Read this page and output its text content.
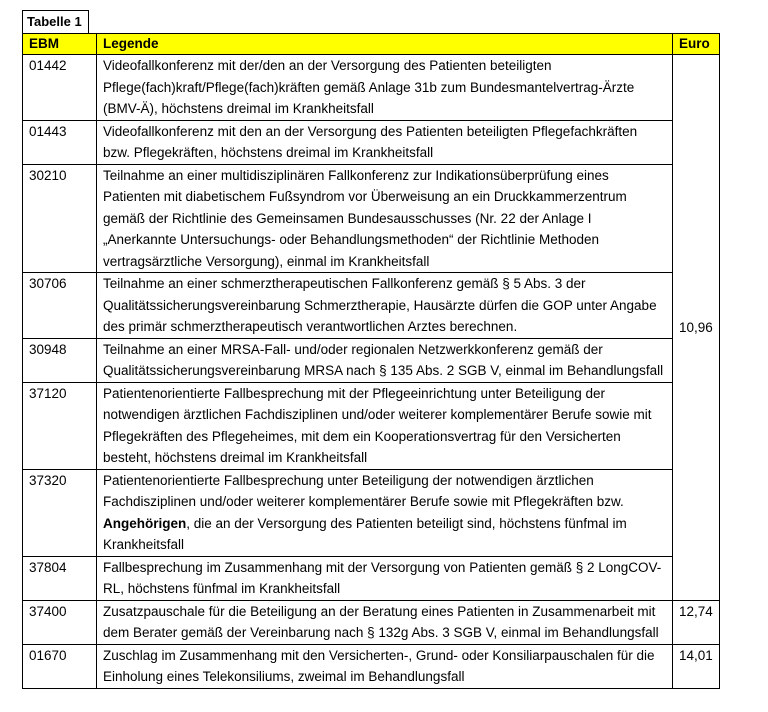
Tabelle 1
EBM	Legende	Euro
01442	Videofallkonferenz mit der/den an der Versorgung des Patienten beteiligten Pflege(fach)kraft/Pflege(fach)kräften gemäß Anlage 31b zum Bundesmantelvertrag-Ärzte (BMV-Ä), höchstens dreimal im Krankheitsfall	10,96
01443	Videofallkonferenz mit den an der Versorgung des Patienten beteiligten Pflegefachkräften bzw. Pflegekräften, höchstens dreimal im Krankheitsfall	
30210	Teilnahme an einer multidisziplinären Fallkonferenz zur Indikationsüberprüfung eines Patienten mit diabetischem Fußsyndrom vor Überweisung an ein Druckkammerzentrum gemäß der Richtlinie des Gemeinsamen Bundesausschusses (Nr. 22 der Anlage I „Anerkannte Untersuchungs- oder Behandlungsmethoden“ der Richtlinie Methoden vertragsärztliche Versorgung), einmal im Krankheitsfall	
30706	Teilnahme an einer schmerztherapeutischen Fallkonferenz gemäß § 5 Abs. 3 der Qualitätssicherungsvereinbarung Schmerztherapie, Hausärzte dürfen die GOP unter Angabe des primär schmerztherapeutisch verantwortlichen Arztes berechnen.	
30948	Teilnahme an einer MRSA-Fall- und/oder regionalen Netzwerkkonferenz gemäß der Qualitätssicherungsvereinbarung MRSA nach § 135 Abs. 2 SGB V, einmal im Behandlungsfall	
37120	Patientenorientierte Fallbesprechung mit der Pflegeeinrichtung unter Beteiligung der notwendigen ärztlichen Fachdisziplinen und/oder weiterer komplementärer Berufe sowie mit Pflegekräften des Pflegeheimes, mit dem ein Kooperationsvertrag für den Versicherten besteht, höchstens dreimal im Krankheitsfall	
37320	Patientenorientierte Fallbesprechung unter Beteiligung der notwendigen ärztlichen Fachdisziplinen und/oder weiterer komplementärer Berufe sowie mit Pflegekräften bzw. Angehörigen, die an der Versorgung des Patienten beteiligt sind, höchstens fünfmal im Krankheitsfall	
37804	Fallbesprechung im Zusammenhang mit der Versorgung von Patienten gemäß § 2 LongCOV-RL, höchstens fünfmal im Krankheitsfall	
37400	Zusatzpauschale für die Beteiligung an der Beratung eines Patienten in Zusammenarbeit mit dem Berater gemäß der Vereinbarung nach § 132g Abs. 3 SGB V, einmal im Behandlungsfall	12,74
01670	Zuschlag im Zusammenhang mit den Versicherten-, Grund- oder Konsiliarpauschalen für die Einholung eines Telekonsiliums, zweimal im Behandlungsfall	14,01
